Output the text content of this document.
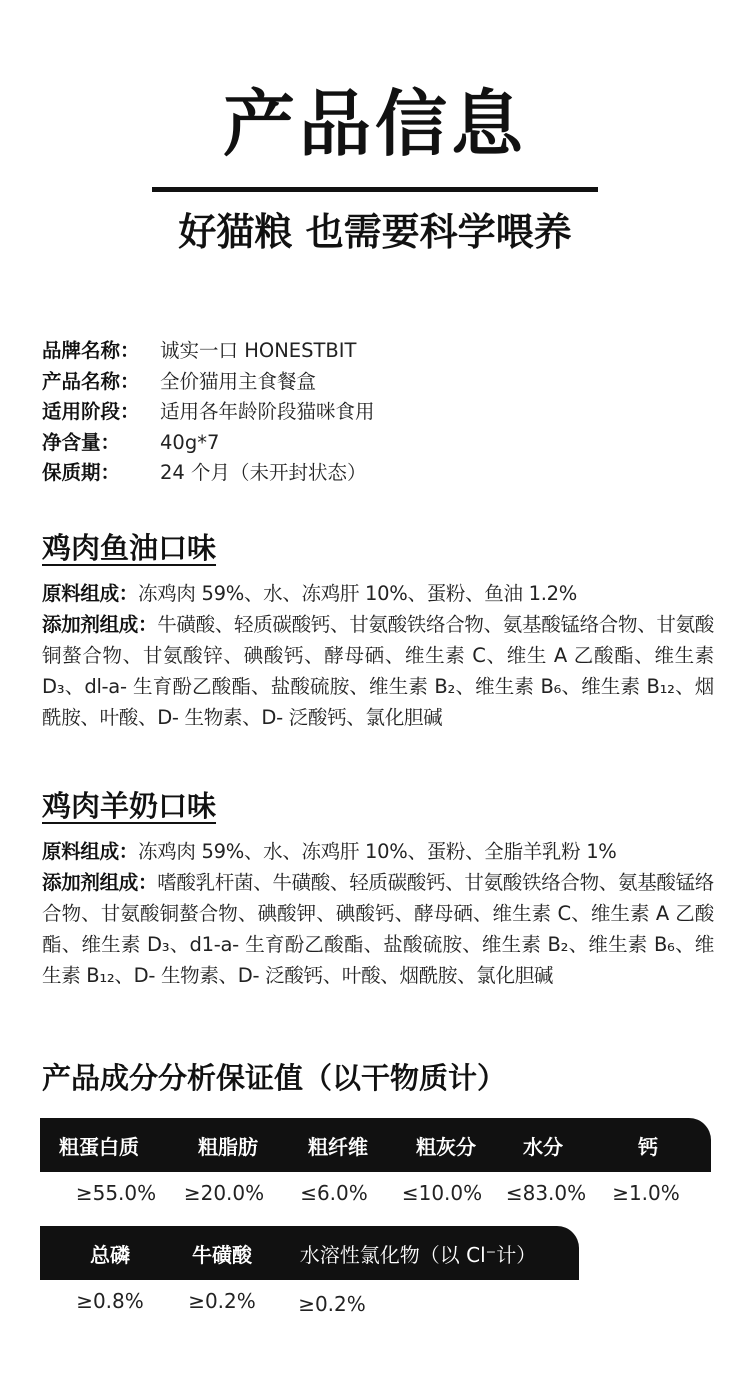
产品信息
好猫粮 也需要科学喂养
品牌名称：	诚实一口 HONESTBIT
产品名称：	全价猫用主食餐盒
适用阶段：	适用各年龄阶段猫咪食用
净含量：	40g*7
保质期：	24 个月（未开封状态）
鸡肉鱼油口味
原料组成：冻鸡肉 59%、水、冻鸡肝 10%、蛋粉、鱼油 1.2%
添加剂组成：牛磺酸、轻质碳酸钙、甘氨酸铁络合物、氨基酸锰络合物、甘氨酸铜螯合物、甘氨酸锌、碘酸钙、酵母硒、维生素 C、维生 A 乙酸酯、维生素 D₃、dl-a- 生育酚乙酸酯、盐酸硫胺、维生素 B₂、维生素 B₆、维生素 B₁₂、烟酰胺、叶酸、D- 生物素、D- 泛酸钙、氯化胆碱
鸡肉羊奶口味
原料组成：冻鸡肉 59%、水、冻鸡肝 10%、蛋粉、全脂羊乳粉 1%
添加剂组成：嗜酸乳杆菌、牛磺酸、轻质碳酸钙、甘氨酸铁络合物、氨基酸锰络合物、甘氨酸铜螯合物、碘酸钾、碘酸钙、酵母硒、维生素 C、维生素 A 乙酸酯、维生素 D₃、d1-a- 生育酚乙酸酯、盐酸硫胺、维生素 B₂、维生素 B₆、维生素 B₁₂、D- 生物素、D- 泛酸钙、叶酸、烟酰胺、氯化胆碱
产品成分分析保证值（以干物质计）
粗蛋白质	粗脂肪	粗纤维	粗灰分	水分	钙
≥55.0%	≥20.0%	≤6.0%	≤10.0%	≤83.0%	≥1.0%
总磷	牛磺酸	水溶性氯化物（以 Cl⁻计）
≥0.8%	≥0.2%	≥0.2%
